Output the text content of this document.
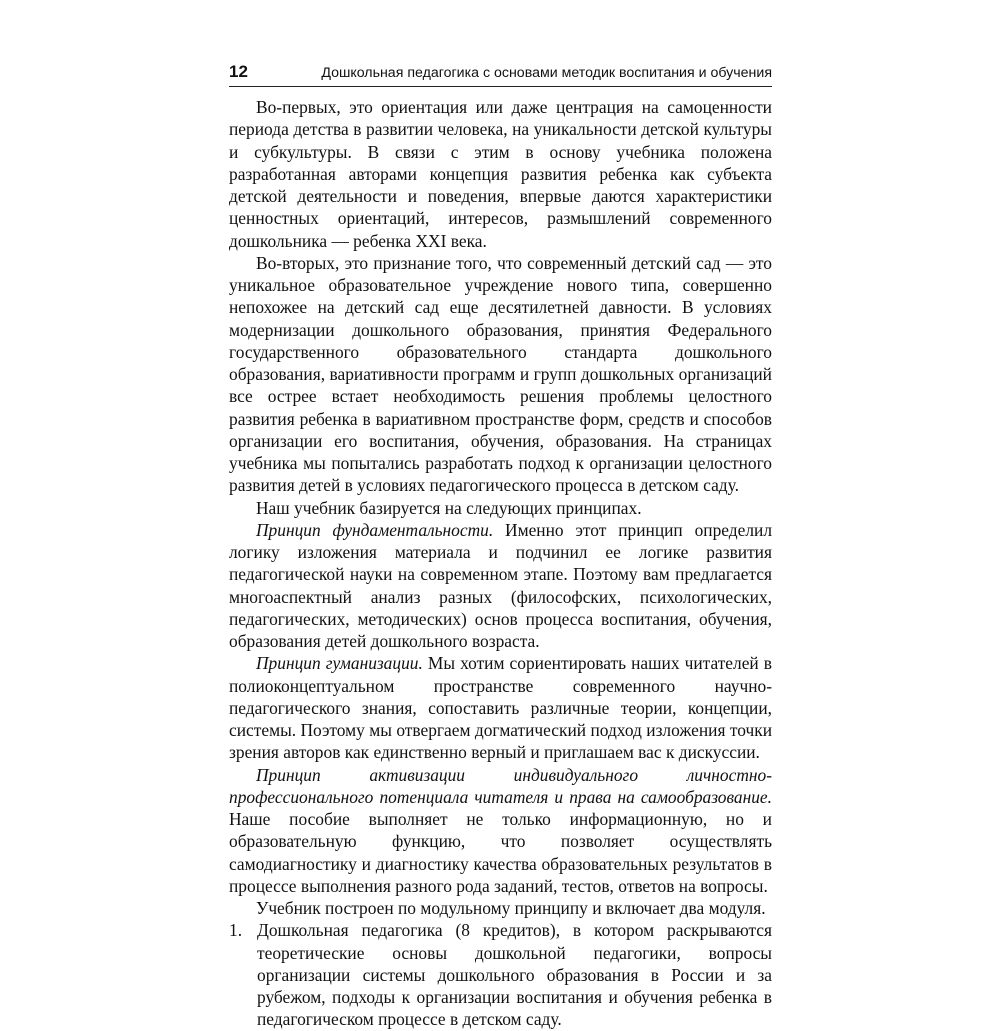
12	Дошкольная педагогика с основами методик воспитания и обучения

Во-первых, это ориентация или даже центрация на самоценности периода детства в развитии человека, на уникальности детской культуры и субкультуры. В связи с этим в основу учебника положена разработанная авторами концепция развития ребенка как субъекта детской деятельности и поведения, впервые даются характеристики ценностных ориентаций, интересов, размышлений современного дошкольника — ребенка XXI века.

Во-вторых, это признание того, что современный детский сад — это уникальное образовательное учреждение нового типа, совершенно непохожее на детский сад еще десятилетней давности. В условиях модернизации дошкольного образования, принятия Федерального государственного образовательного стандарта дошкольного образования, вариативности программ и групп дошкольных организаций все острее встает необходимость решения проблемы целостного развития ребенка в вариативном пространстве форм, средств и способов организации его воспитания, обучения, образования. На страницах учебника мы попытались разработать подход к организации целостного развития детей в условиях педагогического процесса в детском саду.

Наш учебник базируется на следующих принципах.

Принцип фундаментальности. Именно этот принцип определил логику изложения материала и подчинил ее логике развития педагогической науки на современном этапе. Поэтому вам предлагается многоаспектный анализ разных (философских, психологических, педагогических, методических) основ процесса воспитания, обучения, образования детей дошкольного возраста.

Принцип гуманизации. Мы хотим сориентировать наших читателей в полиоконцептуальном пространстве современного научно-педагогического знания, сопоставить различные теории, концепции, системы. Поэтому мы отвергаем догматический подход изложения точки зрения авторов как единственно верный и приглашаем вас к дискуссии.

Принцип активизации индивидуального личностно-профессионального потенциала читателя и права на самообразование. Наше пособие выполняет не только информационную, но и образовательную функцию, что позволяет осуществлять самодиагностику и диагностику качества образовательных результатов в процессе выполнения разного рода заданий, тестов, ответов на вопросы.

Учебник построен по модульному принципу и включает два модуля.

1. Дошкольная педагогика (8 кредитов), в котором раскрываются теоретические основы дошкольной педагогики, вопросы организации системы дошкольного образования в России и за рубежом, подходы к организации воспитания и обучения ребенка в педагогическом процессе в детском саду.
